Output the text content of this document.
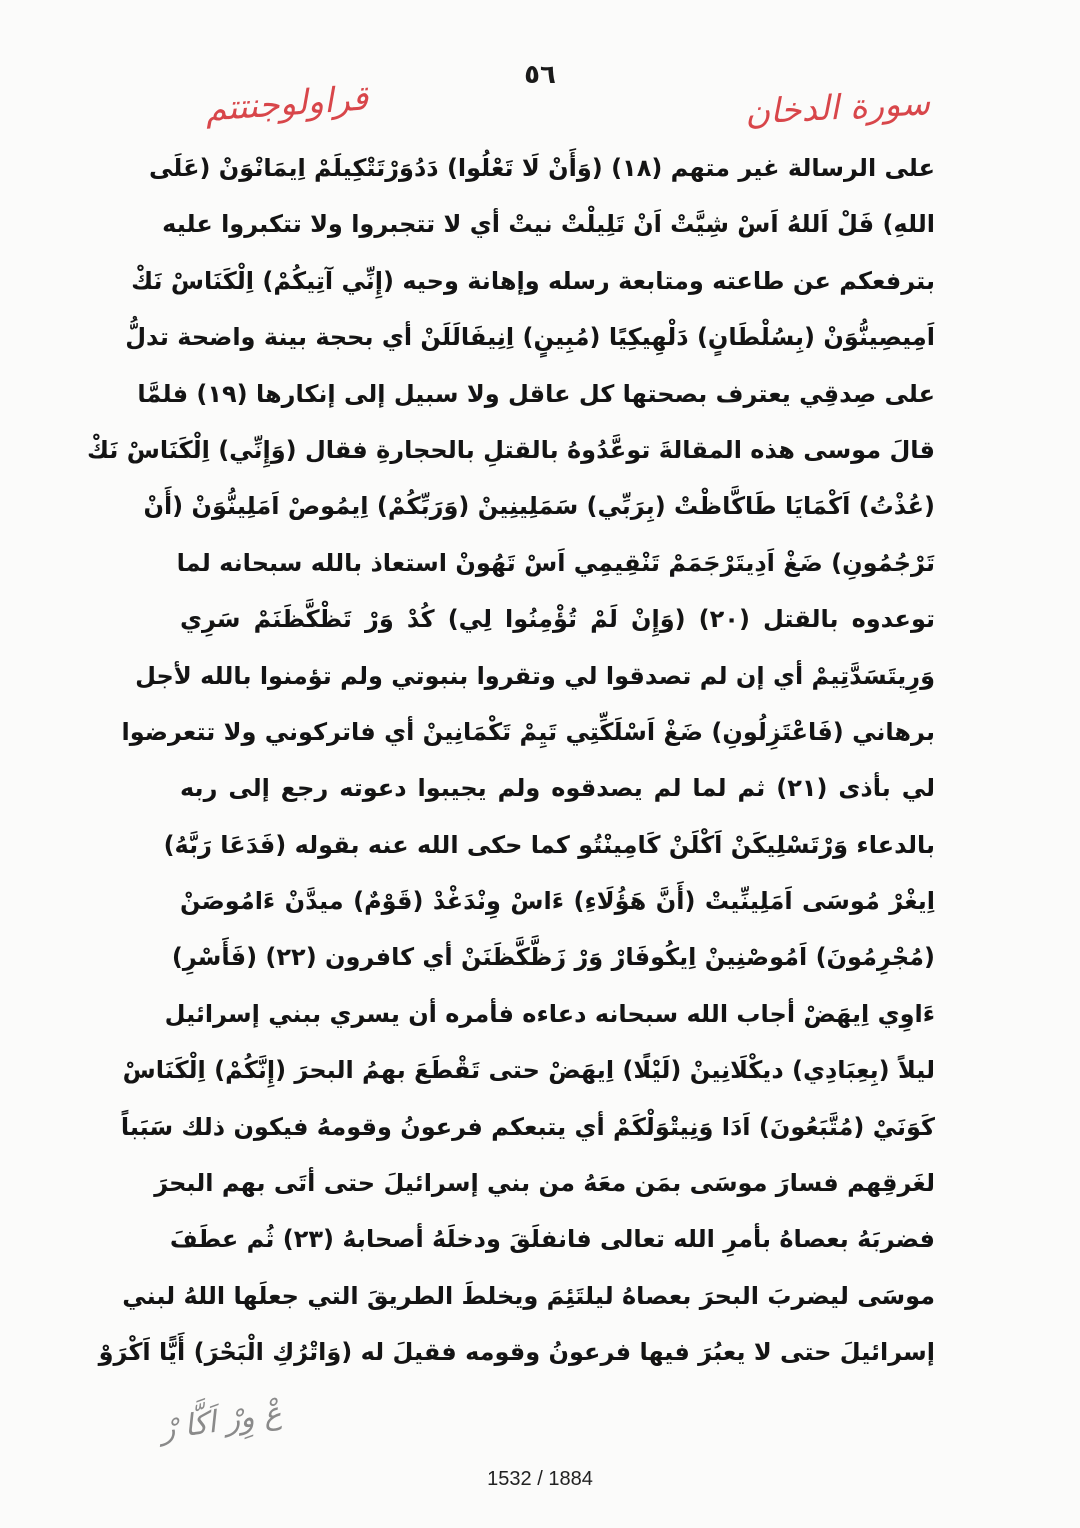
٥٦
سورة الدخان
قراولوجنتتم
على الرسالة غير متهم (١٨) (وَأَنْ لَا تَعْلُوا) دَدُوَرْتَتْكِيلَمْ اِيمَانْوَنْ (عَلَى
اللهِ) فَلْ اَللهُ اَسْ شِيَّتْ اَنْ تَلِيلْتْ نيتْ أي لا تتجبروا ولا تتكبروا عليه
بترفعكم عن طاعته ومتابعة رسله وإهانة وحيه (إِنِّي آتِيكُمْ) اِلْكَنَاسْ نَكْ
اَمِيصِينُّوَنْ (بِسُلْطَانٍ) دَلْهِيكِيًا (مُبِينٍ) اِنِيفَالَلَنْ أي بحجة بينة واضحة تدلُّ
على صِدقِي يعترف بصحتها كل عاقل ولا سبيل إلى إنكارها (١٩) فلمَّا
قالَ موسى هذه المقالةَ توعَّدُوهُ بالقتلِ بالحجارةِ فقال (وَإِنِّي) اِلْكَنَاسْ نَكْ
(عُذْتُ) اَكْمَايَا طَاكَّاظْتْ (بِرَبِّي) سَمَلِينِينْ (وَرَبِّكُمْ) اِيمُوصْ اَمَلِينُّوَنْ (أَنْ
تَرْجُمُونِ) ضَغْ اَدِيتَرْجَمَمْ تَنْقِيمِي اَسْ تَهُونْ استعاذ بالله سبحانه لما
توعدوه بالقتل (٢٠) (وَإِنْ لَمْ تُؤْمِنُوا لِي) كُدْ وَرْ تَظْكَّظَنَمْ سَرِي
وَرِيتَسَدَّتِيمْ أي إن لم تصدقوا لي وتقروا بنبوتي ولم تؤمنوا بالله لأجل
برهاني (فَاعْتَزِلُونِ) ضَغْ اَسْلَكِّتِي تَيِمْ تَكْمَانِينْ أي فاتركوني ولا تتعرضوا
لي بأذى (٢١) ثم لما لم يصدقوه ولم يجيبوا دعوته رجع إلى ربه
بالدعاء وَرْتَسْلِيكَنْ اَكْلَنْ كَامِينْتُو كما حكى الله عنه بقوله (فَدَعَا رَبَّهُ)
اِيغْرْ مُوسَى اَمَلِينِّيتْ (أَنَّ هَؤُلَاءِ) ءَاسْ وِنْدَغْدْ (قَوْمٌ) ميدَّنْ ءَامُوصَنْ
(مُجْرِمُونَ) اَمُوصْنِينْ اِيكُوفَارْ وَرْ زَظَّكَّظَنَنْ أي كافرون (٢٢) (فَأَسْرِ)
ءَاوِي اِيهَضْ أجاب الله سبحانه دعاءه فأمره أن يسري ببني إسرائيل
ليلاً (بِعِبَادِي) ديكْلَانِينْ (لَيْلًا) اِيهَضْ حتى تَقْطَعَ بهمُ البحرَ (إِنَّكُمْ) اِلْكَنَاسْ
كَوَنَيْ (مُتَّبَعُونَ) اَدَا وَنِيتْوَلْكَمْ أي يتبعكم فرعونُ وقومهُ فيكون ذلك سَبَباً
لغَرقِهم فسارَ موسَى بمَن معَهُ من بني إسرائيلَ حتى أتَى بهم البحرَ
فضربَهُ بعصاهُ بأمرِ الله تعالى فانفلَقَ ودخلَهُ أصحابهُ (٢٣) ثُم عطَفَ
موسَى ليضربَ البحرَ بعصاهُ ليلتَئِمَ ويخلطَ الطريقَ التي جعلَها اللهُ لبني
إسرائيلَ حتى لا يعبُرَ فيها فرعونُ وقومه فقيلَ له (وَاتْرُكِ الْبَحْرَ) أَيًّا اَكْرَوْ
عْ وِرْ اَكَّا رْ
1532 / 1884
